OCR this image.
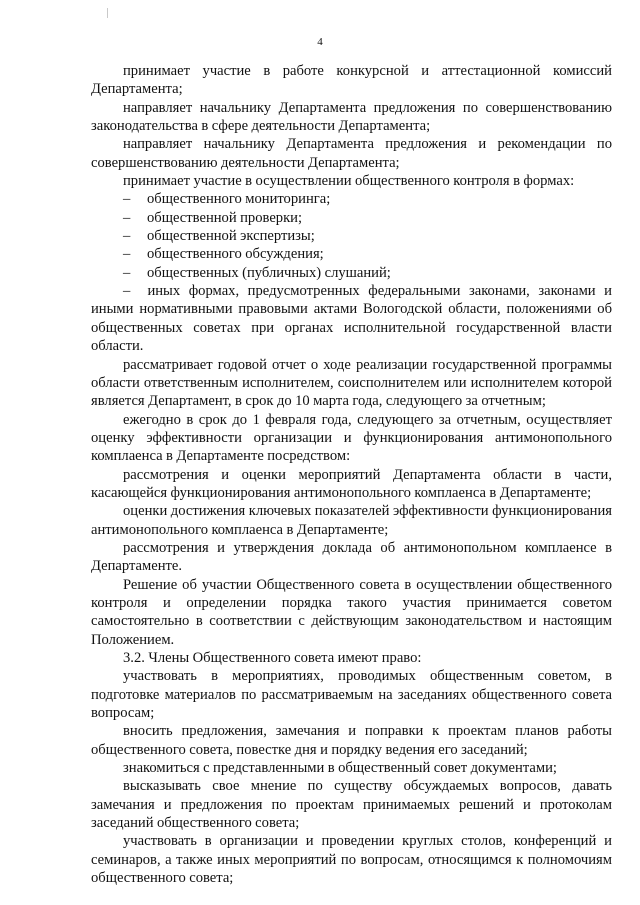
4

принимает участие в работе конкурсной и аттестационной комиссий Департамента;

направляет начальнику Департамента предложения по совершенствованию законодательства в сфере деятельности Департамента;

направляет начальнику Департамента предложения и рекомендации по совершенствованию деятельности Департамента;

принимает участие в осуществлении общественного контроля в формах:

– общественного мониторинга;

– общественной проверки;

– общественной экспертизы;

– общественного обсуждения;

– общественных (публичных) слушаний;

–  иных формах, предусмотренных федеральными законами, законами и иными нормативными правовыми актами Вологодской области, положениями об общественных советах при органах исполнительной государственной власти области.

рассматривает годовой отчет о ходе реализации государственной программы области ответственным исполнителем, соисполнителем или исполнителем которой является Департамент, в срок до 10 марта года, следующего за отчетным;

ежегодно в срок до 1 февраля года, следующего за отчетным, осуществляет оценку эффективности организации и функционирования антимонопольного комплаенса в Департаменте посредством:

рассмотрения и оценки мероприятий Департамента области в части, касающейся функционирования антимонопольного комплаенса в Департаменте;

оценки достижения ключевых показателей эффективности функционирования антимонопольного комплаенса в Департаменте;

рассмотрения и утверждения доклада об антимонопольном комплаенсе в Департаменте.

Решение об участии Общественного совета в осуществлении общественного контроля и определении порядка такого участия принимается советом самостоятельно в соответствии с действующим законодательством и настоящим Положением.

3.2. Члены Общественного совета имеют право:

участвовать в мероприятиях, проводимых общественным советом, в подготовке материалов по рассматриваемым на заседаниях общественного совета вопросам;

вносить предложения, замечания и поправки к проектам планов работы общественного совета, повестке дня и порядку ведения его заседаний;

знакомиться с представленными в общественный совет документами;

высказывать свое мнение по существу обсуждаемых вопросов, давать замечания и предложения по проектам принимаемых решений и протоколам заседаний общественного совета;

участвовать в организации и проведении круглых столов, конференций и семинаров, а также иных мероприятий по вопросам, относящимся к полномочиям общественного совета;
